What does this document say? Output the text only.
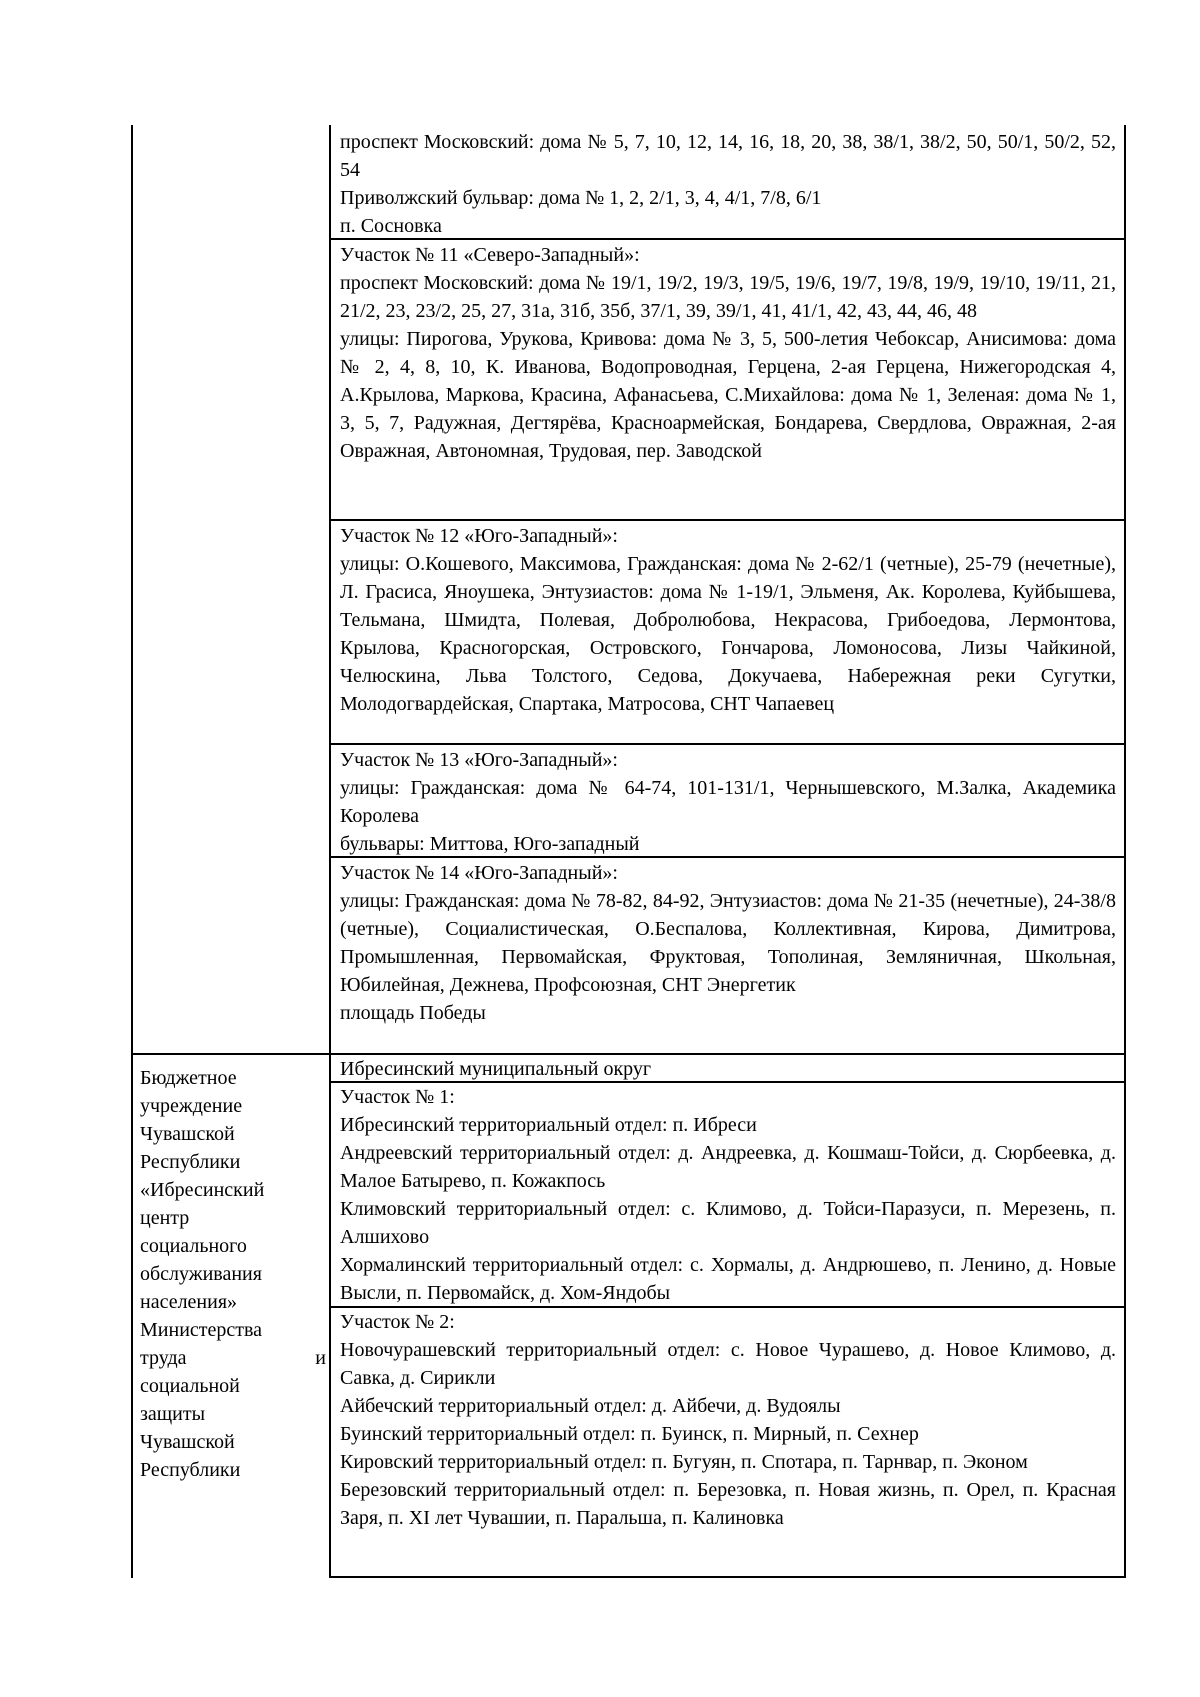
проспект Московский: дома № 5, 7, 10, 12, 14, 16, 18, 20, 38, 38/1, 38/2, 50, 50/1, 50/2, 52, 54

Приволжский бульвар: дома № 1, 2, 2/1, 3, 4, 4/1, 7/8, 6/1

п. Сосновка

Участок № 11 «Северо-Западный»:

проспект Московский: дома № 19/1, 19/2, 19/3, 19/5, 19/6, 19/7, 19/8, 19/9, 19/10, 19/11, 21, 21/2, 23, 23/2, 25, 27, 31а, 31б, 35б, 37/1, 39, 39/1, 41, 41/1, 42, 43, 44, 46, 48

улицы: Пирогова, Урукова, Кривова: дома № 3, 5, 500-летия Чебоксар, Анисимова: дома № 2, 4, 8, 10, К. Иванова, Водопроводная, Герцена, 2-ая Герцена, Нижегородская 4, А.Крылова, Маркова, Красина, Афанасьева, С.Михайлова: дома № 1, Зеленая: дома № 1, 3, 5, 7, Радужная, Дегтярёва, Красноармейская, Бондарева, Свердлова, Овражная, 2-ая Овражная, Автономная, Трудовая, пер. Заводской

Участок № 12 «Юго-Западный»:

улицы: О.Кошевого, Максимова, Гражданская: дома № 2-62/1 (четные), 25-79 (нечетные), Л. Грасиса, Яноушека, Энтузиастов: дома № 1-19/1, Эльменя, Ак. Королева, Куйбышева, Тельмана, Шмидта, Полевая, Добролюбова, Некрасова, Грибоедова, Лермонтова, Крылова, Красногорская, Островского, Гончарова, Ломоносова, Лизы Чайкиной, Челюскина, Льва Толстого, Седова, Докучаева, Набережная реки Сугутки, Молодогвардейская, Спартака, Матросова, СНТ Чапаевец

Участок № 13 «Юго-Западный»:

улицы: Гражданская: дома № 64-74, 101-131/1, Чернышевского, М.Залка, Академика Королева

бульвары: Миттова, Юго-западный

Участок № 14 «Юго-Западный»:

улицы: Гражданская: дома № 78-82, 84-92, Энтузиастов: дома № 21-35 (нечетные), 24-38/8 (четные), Социалистическая, О.Беспалова, Коллективная, Кирова, Димитрова, Промышленная, Первомайская, Фруктовая, Тополиная, Земляничная, Школьная, Юбилейная, Дежнева, Профсоюзная, СНТ Энергетик

площадь Победы

Ибресинский муниципальный округ

Участок № 1:

Ибресинский территориальный отдел: п. Ибреси

Андреевский территориальный отдел: д. Андреевка, д. Кошмаш-Тойси, д. Сюрбеевка, д. Малое Батырево, п. Кожакпось

Климовский территориальный отдел: с. Климово, д. Тойси-Паразуси, п. Мерезень, п. Алшихово

Хормалинский территориальный отдел: с. Хормалы, д. Андрюшево, п. Ленино, д. Новые Высли, п. Первомайск, д. Хом-Яндобы

Участок № 2:

Новочурашевский территориальный отдел: с. Новое Чурашево, д. Новое Климово, д. Савка, д. Сирикли

Айбечский территориальный отдел: д. Айбечи, д. Вудоялы

Буинский территориальный отдел: п. Буинск, п. Мирный, п. Сехнер

Кировский территориальный отдел: п. Бугуян, п. Спотара, п. Тарнвар, п. Эконом

Березовский территориальный отдел: п. Березовка, п. Новая жизнь, п. Орел, п. Красная Заря, п. XI лет Чувашии, п. Паральша, п. Калиновка

Бюджетное

учреждение

Чувашской

Республики

«Ибресинский

центр

социального

обслуживания

населения»

Министерства

труда и

социальной

защиты

Чувашской

Республики
